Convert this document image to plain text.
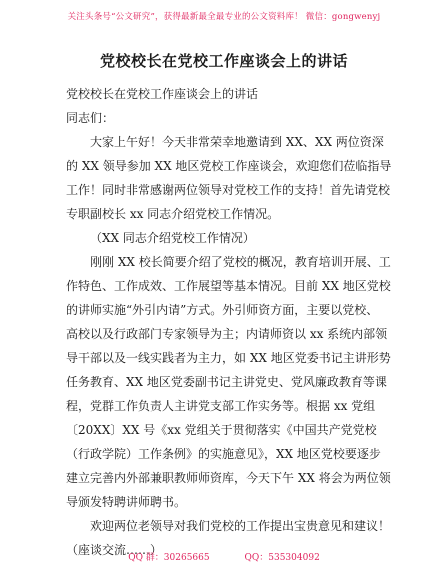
关注头条号“公文研究”，获得最新最全最专业的公文资料库！ 微信：gongwenyj
党校校长在党校工作座谈会上的讲话
党校校长在党校工作座谈会上的讲话
同志们：
大家上午好！今天非常荣幸地邀请到 XX、XX 两位资深
的 XX 领导参加 XX 地区党校工作座谈会，欢迎您们莅临指导
工作！同时非常感谢两位领导对党校工作的支持！首先请党校
专职副校长 xx 同志介绍党校工作情况。
（XX 同志介绍党校工作情况）
刚刚 XX 校长简要介绍了党校的概况，教育培训开展、工
作特色、工作成效、工作展望等基本情况。目前 XX 地区党校
的讲师实施“外引内请”方式。外引师资方面，主要以党校、
高校以及行政部门专家领导为主；内请师资以 xx 系统内部领
导干部以及一线实践者为主力，如 XX 地区党委书记主讲形势
任务教育、XX 地区党委副书记主讲党史、党风廉政教育等课
程，党群工作负责人主讲党支部工作实务等。根据 xx 党组
〔20XX〕XX 号《xx 党组关于贯彻落实《中国共产党党校
（行政学院）工作条例》的实施意见》，XX 地区党校要逐步
建立完善内外部兼职教师师资库，今天下午 XX 将会为两位领
导颁发特聘讲师聘书。
欢迎两位老领导对我们党校的工作提出宝贵意见和建议！
（座谈交流……）
QQ 群：30265665	QQ：535304092
